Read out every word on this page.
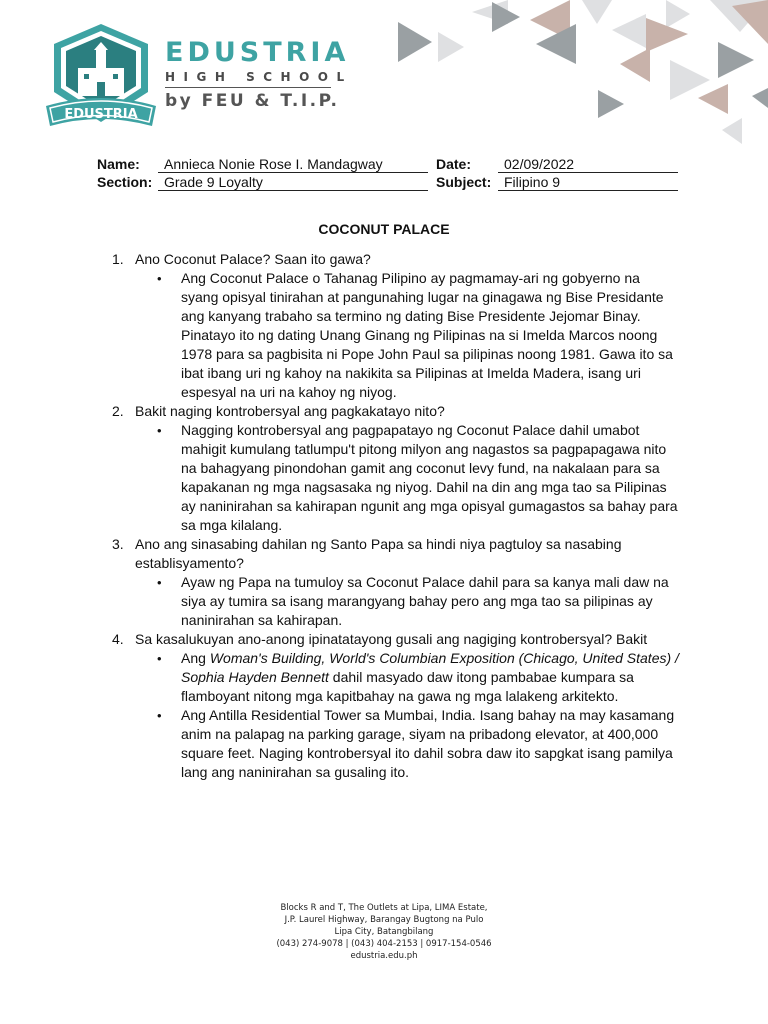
EDUSTRIA
EDUSTRIA
HIGH SCHOOL
by FEU & T.I.P.
Name:	Annieca Nonie Rose I. Mandagway	Date:	02/09/2022
Section: Grade 9 Loyalty	Subject: Filipino 9
COCONUT PALACE

1. Ano Coconut Palace? Saan ito gawa?

• Ang Coconut Palace o Tahanag Pilipino ay pagmamay-ari ng gobyerno na syang opisyal tinirahan at pangunahing lugar na ginagawa ng Bise Presidante ang kanyang trabaho sa termino ng dating Bise Presidente Jejomar Binay. Pinatayo ito ng dating Unang Ginang ng Pilipinas na si Imelda Marcos noong 1978 para sa pagbisita ni Pope John Paul sa pilipinas noong 1981. Gawa ito sa ibat ibang uri ng kahoy na nakikita sa Pilipinas at Imelda Madera, isang uri espesyal na uri na kahoy ng niyog.

2. Bakit naging kontrobersyal ang pagkakatayo nito?

• Nagging kontrobersyal ang pagpapatayo ng Coconut Palace dahil umabot mahigit kumulang tatlumpu't pitong milyon ang nagastos sa pagpapagawa nito na bahagyang pinondohan gamit ang coconut levy fund, na nakalaan para sa kapakanan ng mga nagsasaka ng niyog. Dahil na din ang mga tao sa Pilipinas ay naninirahan sa kahirapan ngunit ang mga opisyal gumagastos sa bahay para sa mga kilalang.

3. Ano ang sinasabing dahilan ng Santo Papa sa hindi niya pagtuloy sa nasabing establisyamento?

• Ayaw ng Papa na tumuloy sa Coconut Palace dahil para sa kanya mali daw na siya ay tumira sa isang marangyang bahay pero ang mga tao sa pilipinas ay naninirahan sa kahirapan.

4. Sa kasalukuyan ano-anong ipinatatayong gusali ang nagiging kontrobersyal? Bakit

• Ang Woman's Building, World's Columbian Exposition (Chicago, United States) / Sophia Hayden Bennett dahil masyado daw itong pambabae kumpara sa flamboyant nitong mga kapitbahay na gawa ng mga lalakeng arkitekto.

• Ang Antilla Residential Tower sa Mumbai, India. Isang bahay na may kasamang anim na palapag na parking garage, siyam na pribadong elevator, at 400,000 square feet. Naging kontrobersyal ito dahil sobra daw ito sapgkat isang pamilya lang ang naninirahan sa gusaling ito.

Blocks R and T, The Outlets at Lipa, LIMA Estate,
J.P. Laurel Highway, Barangay Bugtong na Pulo
Lipa City, Batangbilang
(043) 274-9078 | (043) 404-2153 | 0917-154-0546
edustria.edu.ph
